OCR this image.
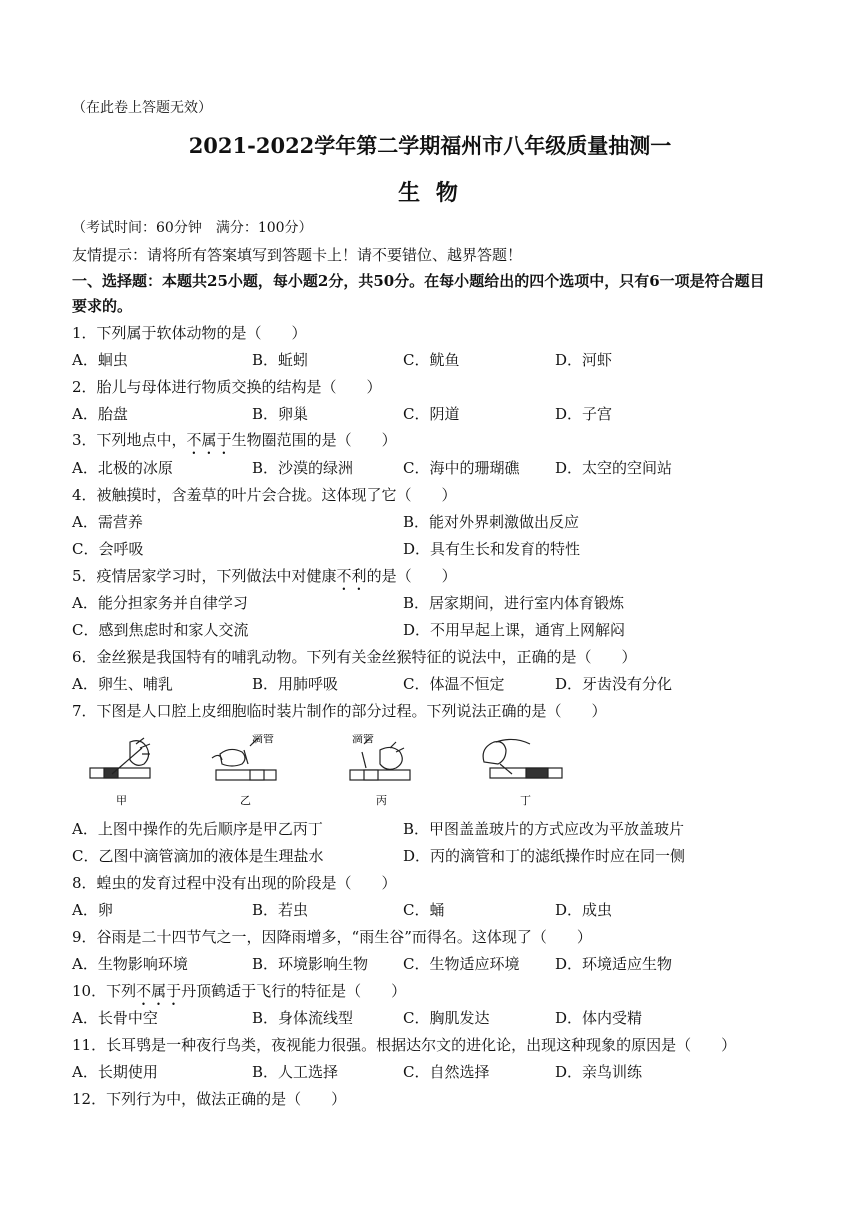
（在此卷上答题无效）
2021-2022学年第二学期福州市八年级质量抽测一
生 物
（考试时间：60分钟　满分：100分）
友情提示：请将所有答案填写到答题卡上！请不要错位、越界答题！
一、选择题：本题共25小题，每小题2分，共50分。在每小题给出的四个选项中，只有6一项是符合题目
要求的。
1．下列属于软体动物的是（　　）
A．蛔虫	B．蚯蚓	C．鱿鱼	D．河虾
2．胎儿与母体进行物质交换的结构是（　　）
A．胎盘	B．卵巢	C．阴道	D．子宫
3．下列地点中，不属于生物圈范围的是（　　）
A．北极的冰原	B．沙漠的绿洲	C．海中的珊瑚礁 D．太空的空间站
4．被触摸时，含羞草的叶片会合拢。这体现了它（　　）
A．需营养	B．能对外界刺激做出反应
C．会呼吸	D．具有生长和发育的特性
5．疫情居家学习时，下列做法中对健康不利的是（　　）
A．能分担家务并自律学习	B．居家期间，进行室内体育锻炼
C．感到焦虑时和家人交流	D．不用早起上课，通宵上网解闷
6．金丝猴是我国特有的哺乳动物。下列有关金丝猴特征的说法中，正确的是（　　）
A．卵生、哺乳	B．用肺呼吸	C．体温不恒定	D．牙齿没有分化
7．下图是人口腔上皮细胞临时装片制作的部分过程。下列说法正确的是（　　）
滴管	滴管
甲	乙	丙	丁
A．上图中操作的先后顺序是甲乙丙丁	B．甲图盖盖玻片的方式应改为平放盖玻片
C．乙图中滴管滴加的液体是生理盐水	D．丙的滴管和丁的滤纸操作时应在同一侧
8．蝗虫的发育过程中没有出现的阶段是（　　）
A．卵	B．若虫	C．蛹	D．成虫
9．谷雨是二十四节气之一，因降雨增多，“雨生谷”而得名。这体现了（　　）
A．生物影响环境	B．环境影响生物 C．生物适应环境 D．环境适应生物
10．下列不属于丹顶鹤适于飞行的特征是（　　）
A．长骨中空	B．身体流线型	C．胸肌发达	D．体内受精
11．长耳鸮是一种夜行鸟类，夜视能力很强。根据达尔文的进化论，出现这种现象的原因是（　　）
A．长期使用	B．人工选择	C．自然选择	D．亲鸟训练
12．下列行为中，做法正确的是（　　）
